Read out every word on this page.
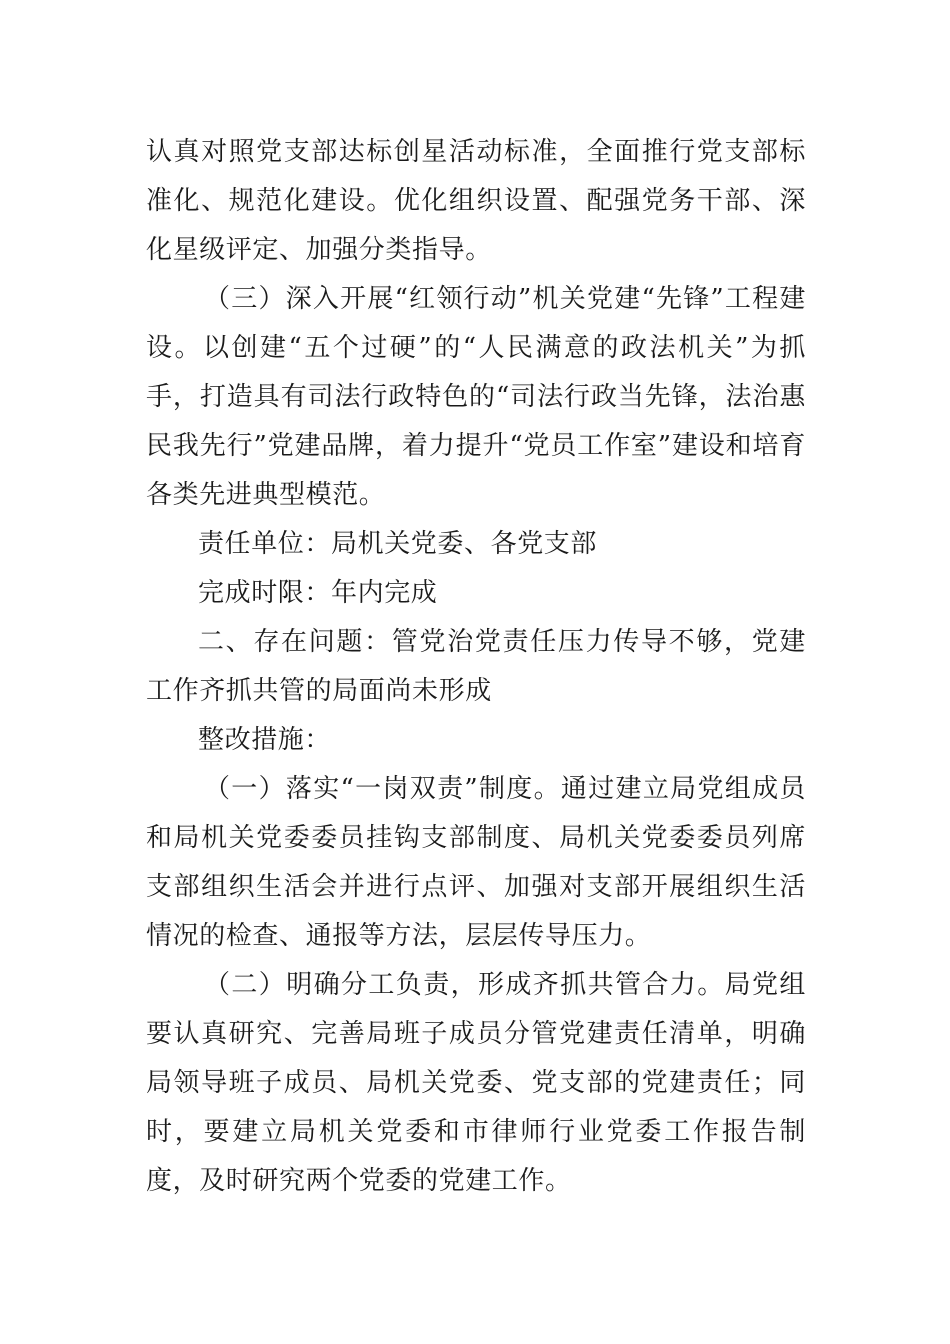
认真对照党支部达标创星活动标准，全面推行党支部标准化、规范化建设。优化组织设置、配强党务干部、深化星级评定、加强分类指导。

（三）深入开展“红领行动”机关党建“先锋”工程建设。以创建“五个过硬”的“人民满意的政法机关”为抓手，打造具有司法行政特色的“司法行政当先锋，法治惠民我先行”党建品牌，着力提升“党员工作室”建设和培育各类先进典型模范。

责任单位：局机关党委、各党支部

完成时限：年内完成

二、存在问题：管党治党责任压力传导不够，党建工作齐抓共管的局面尚未形成

整改措施：

（一）落实“一岗双责”制度。通过建立局党组成员和局机关党委委员挂钩支部制度、局机关党委委员列席支部组织生活会并进行点评、加强对支部开展组织生活情况的检查、通报等方法，层层传导压力。

（二）明确分工负责，形成齐抓共管合力。局党组要认真研究、完善局班子成员分管党建责任清单，明确局领导班子成员、局机关党委、党支部的党建责任；同时，要建立局机关党委和市律师行业党委工作报告制度，及时研究两个党委的党建工作。
